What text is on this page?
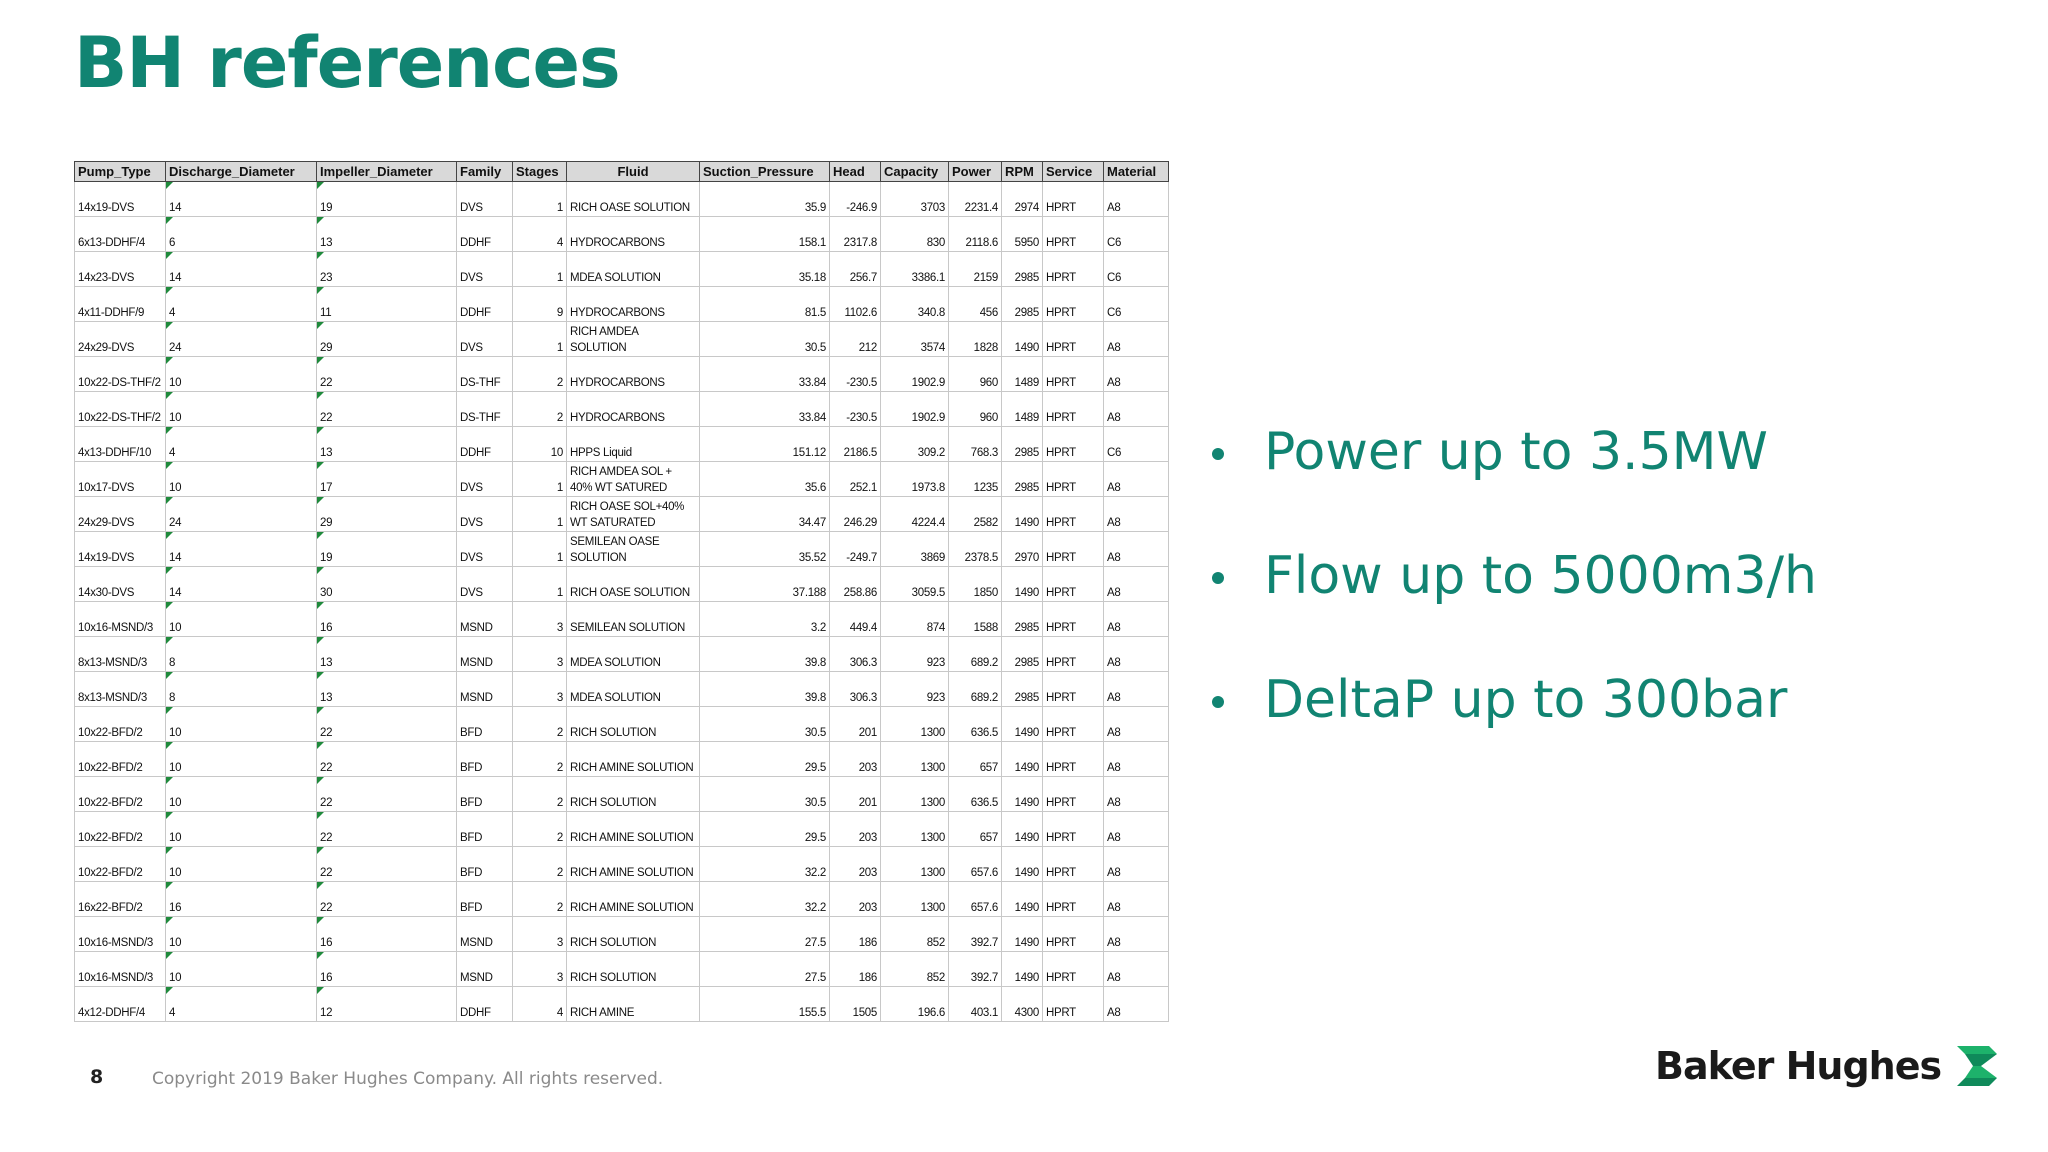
BH references
Pump_Type	Discharge_Diameter	Impeller_Diameter	Family	Stages	Fluid	Suction_Pressure	Head	Capacity	Power	RPM	Service	Material
14x19-DVS	14	19	DVS	1	RICH OASE SOLUTION	35.9	-246.9	3703	2231.4	2974	HPRT	A8
6x13-DDHF/4	6	13	DDHF	4	HYDROCARBONS	158.1	2317.8	830	2118.6	5950	HPRT	C6
14x23-DVS	14	23	DVS	1	MDEA SOLUTION	35.18	256.7	3386.1	2159	2985	HPRT	C6
4x11-DDHF/9	4	11	DDHF	9	HYDROCARBONS	81.5	1102.6	340.8	456	2985	HPRT	C6
24x29-DVS	24	29	DVS	1	RICH AMDEA SOLUTION	30.5	212	3574	1828	1490	HPRT	A8
10x22-DS-THF/2	10	22	DS-THF	2	HYDROCARBONS	33.84	-230.5	1902.9	960	1489	HPRT	A8
10x22-DS-THF/2	10	22	DS-THF	2	HYDROCARBONS	33.84	-230.5	1902.9	960	1489	HPRT	A8
4x13-DDHF/10	4	13	DDHF	10	HPPS Liquid	151.12	2186.5	309.2	768.3	2985	HPRT	C6
10x17-DVS	10	17	DVS	1	RICH AMDEA SOL + 40% WT SATURED	35.6	252.1	1973.8	1235	2985	HPRT	A8
24x29-DVS	24	29	DVS	1	RICH OASE SOL+40% WT SATURATED	34.47	246.29	4224.4	2582	1490	HPRT	A8
14x19-DVS	14	19	DVS	1	SEMILEAN OASE SOLUTION	35.52	-249.7	3869	2378.5	2970	HPRT	A8
14x30-DVS	14	30	DVS	1	RICH OASE SOLUTION	37.188	258.86	3059.5	1850	1490	HPRT	A8
10x16-MSND/3	10	16	MSND	3	SEMILEAN SOLUTION	3.2	449.4	874	1588	2985	HPRT	A8
8x13-MSND/3	8	13	MSND	3	MDEA SOLUTION	39.8	306.3	923	689.2	2985	HPRT	A8
8x13-MSND/3	8	13	MSND	3	MDEA SOLUTION	39.8	306.3	923	689.2	2985	HPRT	A8
10x22-BFD/2	10	22	BFD	2	RICH SOLUTION	30.5	201	1300	636.5	1490	HPRT	A8
10x22-BFD/2	10	22	BFD	2	RICH AMINE SOLUTION	29.5	203	1300	657	1490	HPRT	A8
10x22-BFD/2	10	22	BFD	2	RICH SOLUTION	30.5	201	1300	636.5	1490	HPRT	A8
10x22-BFD/2	10	22	BFD	2	RICH AMINE SOLUTION	29.5	203	1300	657	1490	HPRT	A8
10x22-BFD/2	10	22	BFD	2	RICH AMINE SOLUTION	32.2	203	1300	657.6	1490	HPRT	A8
16x22-BFD/2	16	22	BFD	2	RICH AMINE SOLUTION	32.2	203	1300	657.6	1490	HPRT	A8
10x16-MSND/3	10	16	MSND	3	RICH SOLUTION	27.5	186	852	392.7	1490	HPRT	A8
10x16-MSND/3	10	16	MSND	3	RICH SOLUTION	27.5	186	852	392.7	1490	HPRT	A8
4x12-DDHF/4	4	12	DDHF	4	RICH AMINE	155.5	1505	196.6	403.1	4300	HPRT	A8
Power up to 3.5MW
Flow up to 5000m3/h
DeltaP up to 300bar
8	Copyright 2019 Baker Hughes Company. All rights reserved.	Baker Hughes
